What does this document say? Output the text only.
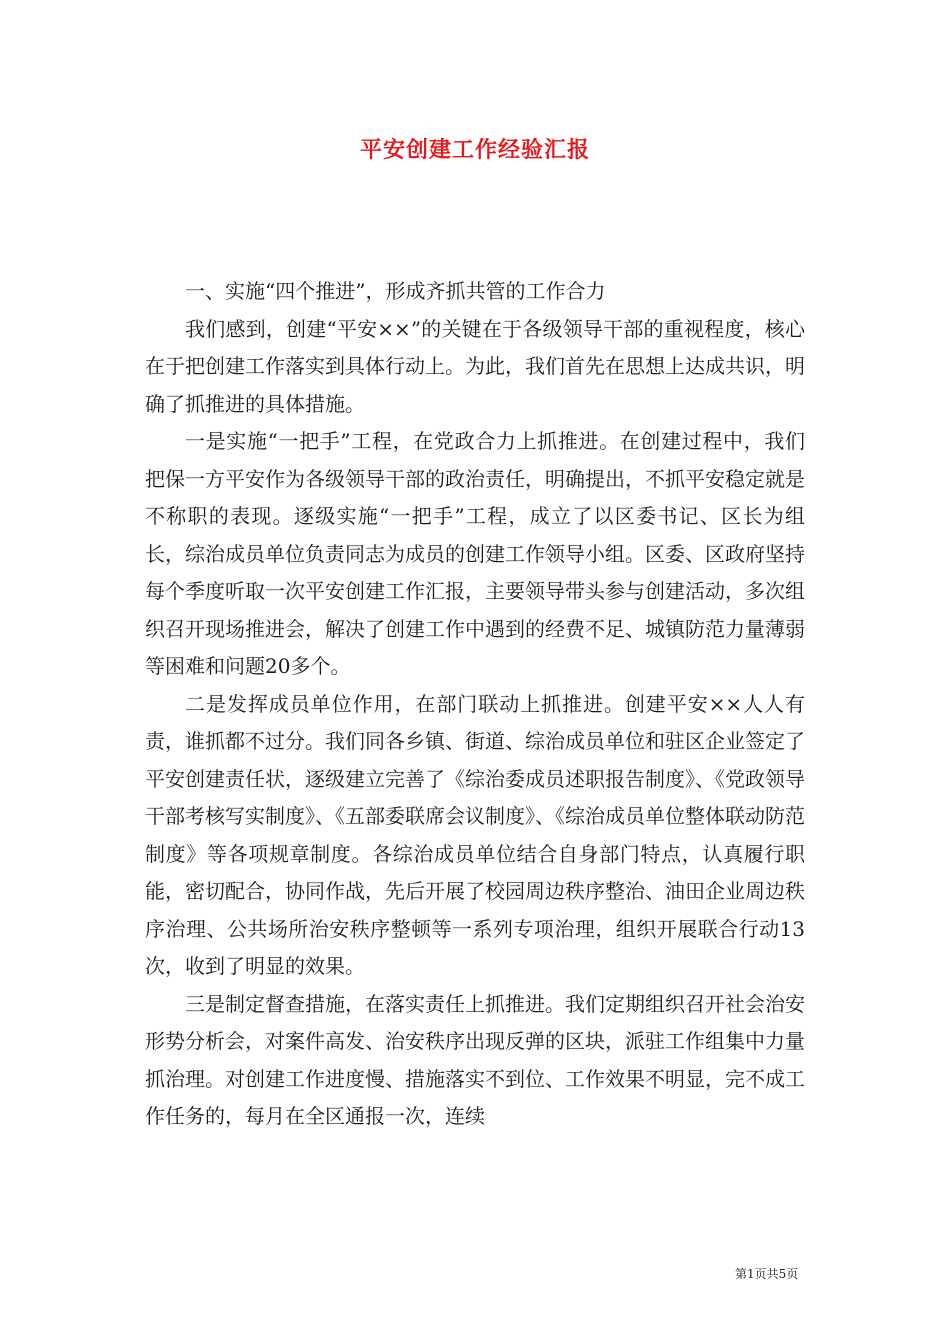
平安创建工作经验汇报

一、实施“四个推进”，形成齐抓共管的工作合力

我们感到，创建“平安××”的关键在于各级领导干部的重视程度，核心在于把创建工作落实到具体行动上。为此，我们首先在思想上达成共识，明确了抓推进的具体措施。

一是实施“一把手”工程，在党政合力上抓推进。在创建过程中，我们把保一方平安作为各级领导干部的政治责任，明确提出，不抓平安稳定就是不称职的表现。逐级实施“一把手”工程，成立了以区委书记、区长为组长，综治成员单位负责同志为成员的创建工作领导小组。区委、区政府坚持每个季度听取一次平安创建工作汇报，主要领导带头参与创建活动，多次组织召开现场推进会，解决了创建工作中遇到的经费不足、城镇防范力量薄弱等困难和问题20多个。

二是发挥成员单位作用，在部门联动上抓推进。创建平安××人人有责，谁抓都不过分。我们同各乡镇、街道、综治成员单位和驻区企业签定了平安创建责任状，逐级建立完善了《综治委成员述职报告制度》、《党政领导干部考核写实制度》、《五部委联席会议制度》、《综治成员单位整体联动防范制度》等各项规章制度。各综治成员单位结合自身部门特点，认真履行职能，密切配合，协同作战，先后开展了校园周边秩序整治、油田企业周边秩序治理、公共场所治安秩序整顿等一系列专项治理，组织开展联合行动13次，收到了明显的效果。

三是制定督查措施，在落实责任上抓推进。我们定期组织召开社会治安形势分析会，对案件高发、治安秩序出现反弹的区块，派驻工作组集中力量抓治理。对创建工作进度慢、措施落实不到位、工作效果不明显，完不成工作任务的，每月在全区通报一次，连续

第1页共5页
